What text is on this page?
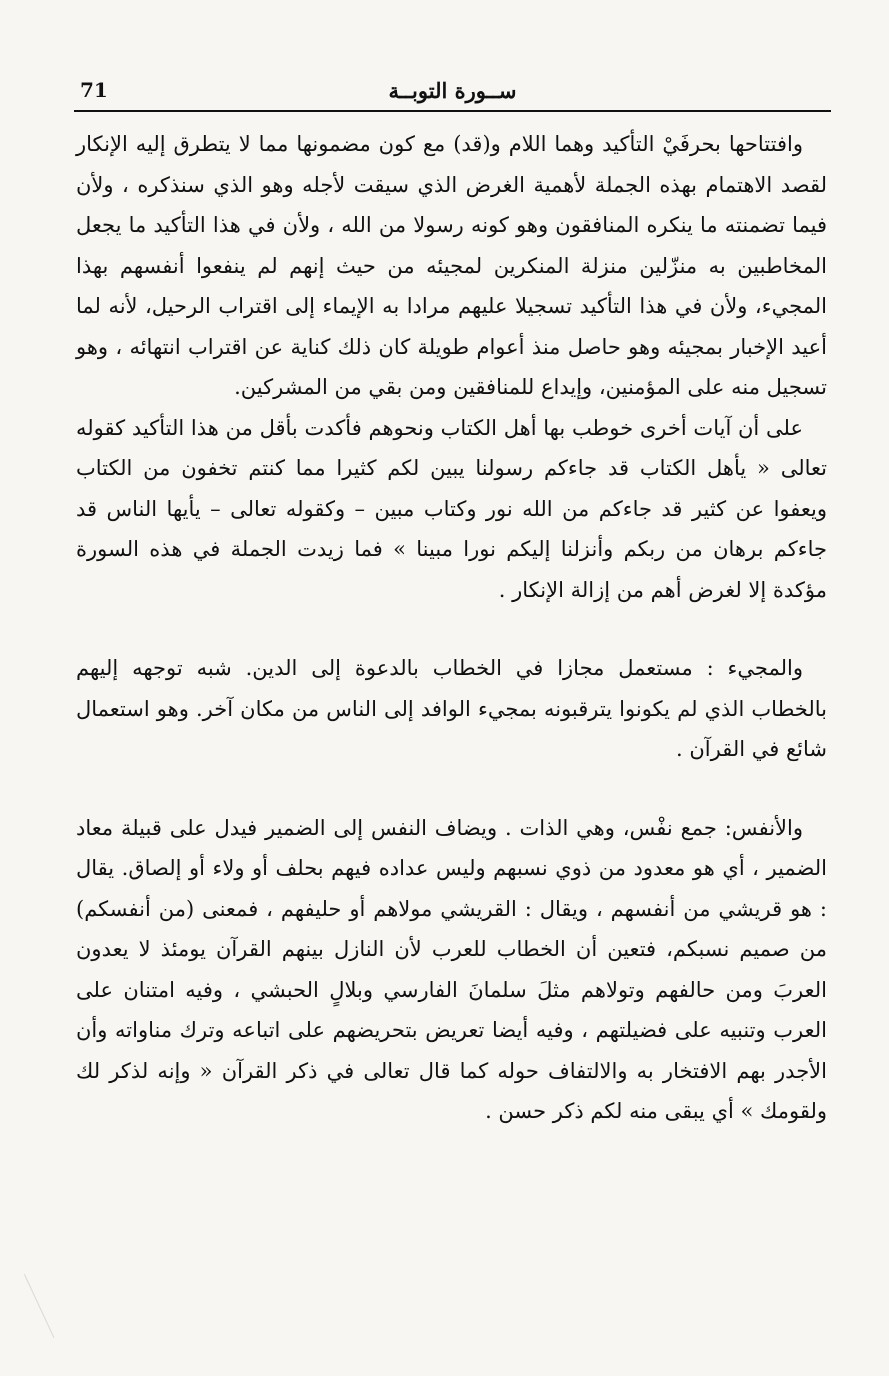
71	ســورة التوبــة

وافتتاحها بحرفَيْ التأكيد وهما اللام و(قد) مع كون مضمونها مما لا يتطرق إليه الإنكار لقصد الاهتمام بهذه الجملة لأهمية الغرض الذي سيقت لأجله وهو الذي سنذكره ، ولأن فيما تضمنته ما ينكره المنافقون وهو كونه رسولا من الله ، ولأن في هذا التأكيد ما يجعل المخاطبين به منزّلين منزلة المنكرين لمجيئه من حيث إنهم لم ينفعوا أنفسهم بهذا المجيء، ولأن في هذا التأكيد تسجيلا عليهم مرادا به الإيماء إلى اقتراب الرحيل، لأنه لما أعيد الإخبار بمجيئه وهو حاصل منذ أعوام طويلة كان ذلك كناية عن اقتراب انتهائه ، وهو تسجيل منه على المؤمنين، وإيداع للمنافقين ومن بقي من المشركين.

على أن آيات أخرى خوطب بها أهل الكتاب ونحوهم فأكدت بأقل من هذا التأكيد كقوله تعالى « يأهل الكتاب قد جاءكم رسولنا يبين لكم كثيرا مما كنتم تخفون من الكتاب ويعفوا عن كثير قد جاءكم من الله نور وكتاب مبين – وكقوله تعالى – يأيها الناس قد جاءكم برهان من ربكم وأنزلنا إليكم نورا مبينا » فما زيدت الجملة في هذه السورة مؤكدة إلا لغرض أهم من إزالة الإنكار .

والمجيء : مستعمل مجازا في الخطاب بالدعوة إلى الدين. شبه توجهه إليهم بالخطاب الذي لم يكونوا يترقبونه بمجيء الوافد إلى الناس من مكان آخر. وهو استعمال شائع في القرآن .

والأنفس: جمع نفْس، وهي الذات . ويضاف النفس إلى الضمير فيدل على قبيلة معاد الضمير ، أي هو معدود من ذوي نسبهم وليس عداده فيهم بحلف أو ولاء أو إلصاق. يقال : هو قريشي من أنفسهم ، ويقال : القريشي مولاهم أو حليفهم ، فمعنى (من أنفسكم) من صميم نسبكم، فتعين أن الخطاب للعرب لأن النازل بينهم القرآن يومئذ لا يعدون العربَ ومن حالفهم وتولاهم مثلَ سلمانَ الفارسي وبلالٍ الحبشي ، وفيه امتنان على العرب وتنبيه على فضيلتهم ، وفيه أيضا تعريض بتحريضهم على اتباعه وترك مناواته وأن الأجدر بهم الافتخار به والالتفاف حوله كما قال تعالى في ذكر القرآن « وإنه لذكر لك ولقومك » أي يبقى منه لكم ذكر حسن .
